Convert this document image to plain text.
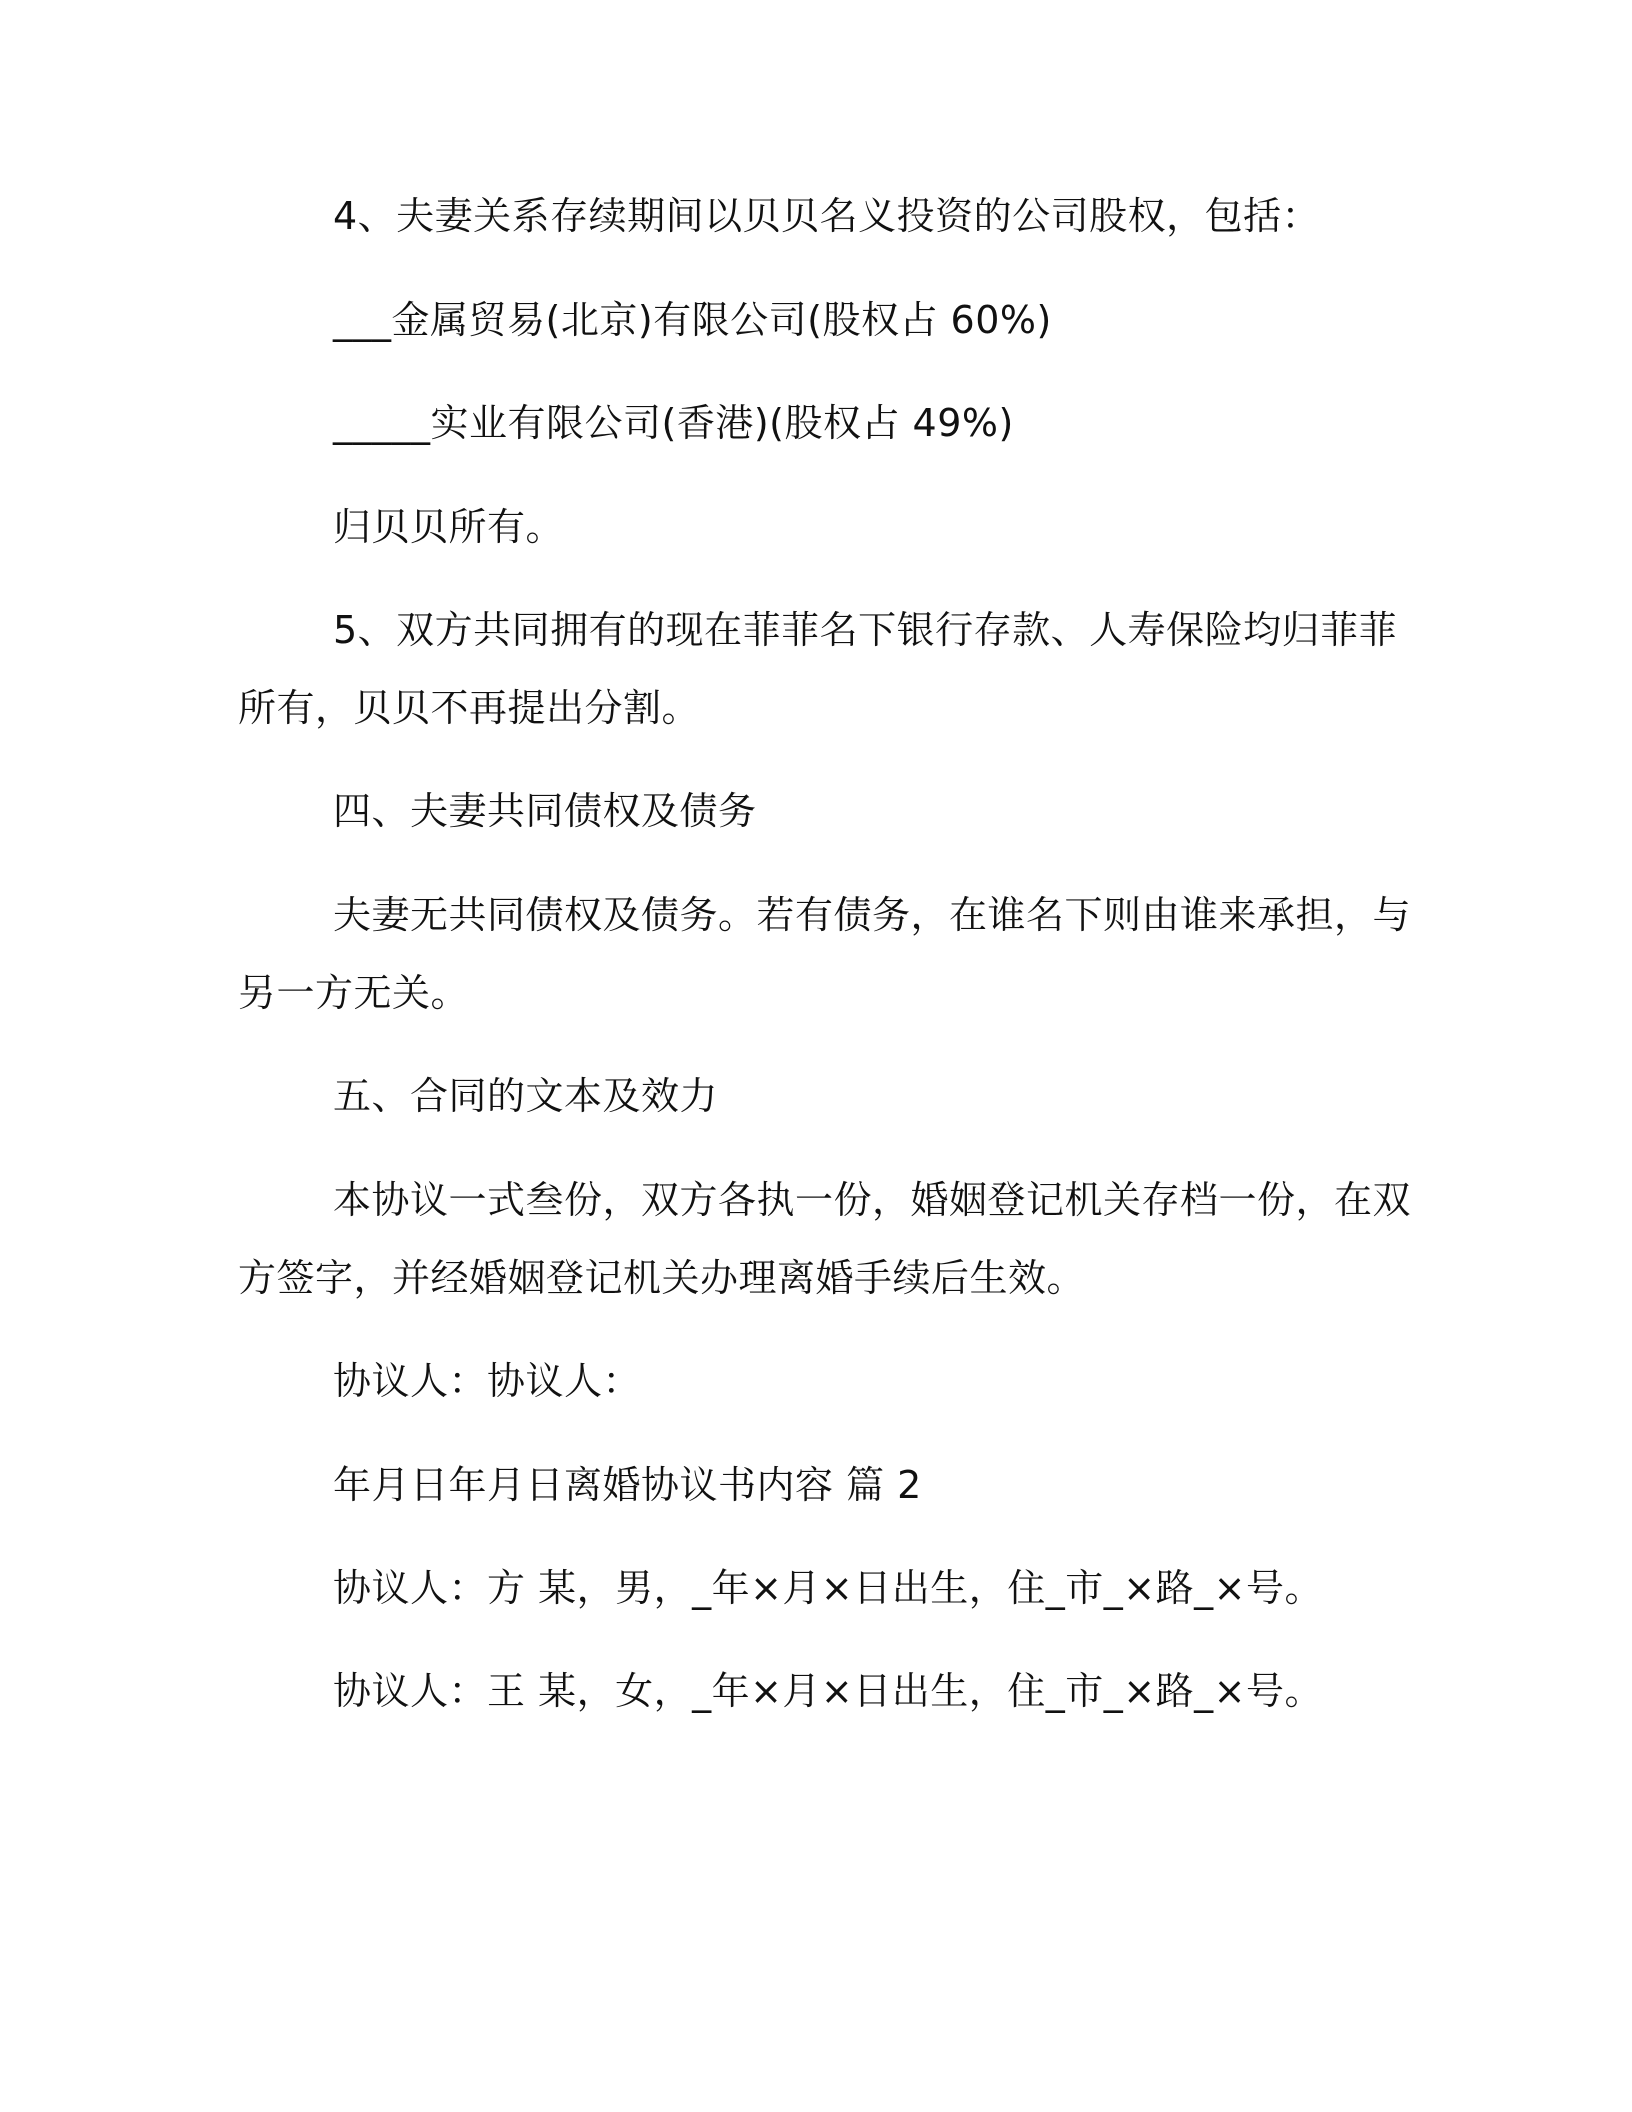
4、夫妻关系存续期间以贝贝名义投资的公司股权，包括：

___金属贸易(北京)有限公司(股权占 60%)

_____实业有限公司(香港)(股权占 49%)

归贝贝所有。

5、双方共同拥有的现在菲菲名下银行存款、人寿保险均归菲菲

所有，贝贝不再提出分割。

四、夫妻共同债权及债务

夫妻无共同债权及债务。若有债务，在谁名下则由谁来承担，与

另一方无关。

五、合同的文本及效力

本协议一式叁份，双方各执一份，婚姻登记机关存档一份，在双

方签字，并经婚姻登记机关办理离婚手续后生效。

协议人：协议人：

年月日年月日离婚协议书内容 篇 2

协议人：方 某，男，_年×月×日出生，住_市_×路_×号。

协议人：王 某，女，_年×月×日出生，住_市_×路_×号。
